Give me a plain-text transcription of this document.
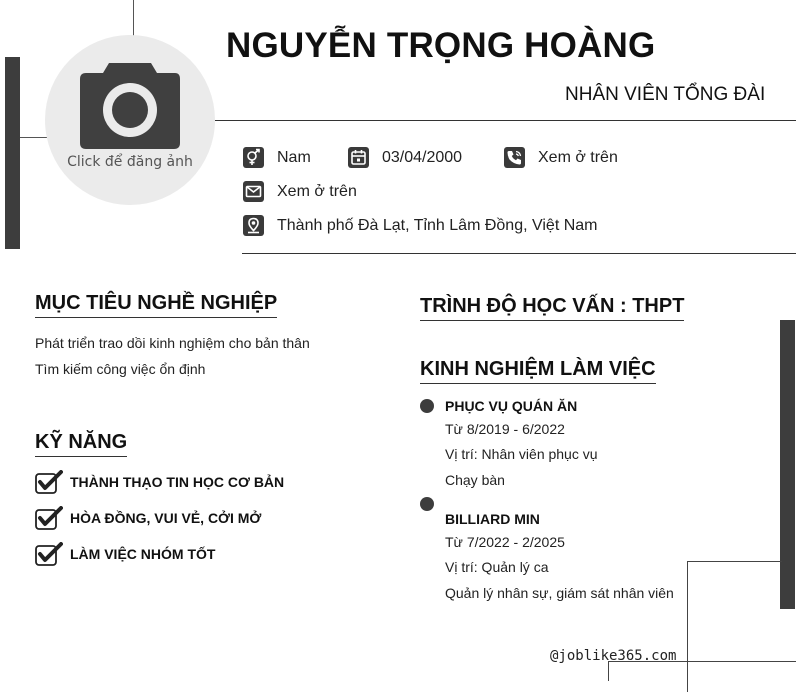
Click để đăng ảnh
NGUYỄN TRỌNG HOÀNG
NHÂN VIÊN TỔNG ĐÀI
Nam	03/04/2000	Xem ở trên
Xem ở trên
Thành phố Đà Lạt, Tỉnh Lâm Đồng, Việt Nam
MỤC TIÊU NGHỀ NGHIỆP
Phát triển trao dồi kinh nghiệm cho bản thân
Tìm kiếm công việc ổn định
KỸ NĂNG
THÀNH THẠO TIN HỌC CƠ BẢN
HÒA ĐỒNG, VUI VẺ, CỞI MỞ
LÀM VIỆC NHÓM TỐT
TRÌNH ĐỘ HỌC VẤN : THPT
KINH NGHIỆM LÀM VIỆC
PHỤC VỤ QUÁN ĂN
Từ 8/2019 - 6/2022
Vị trí: Nhân viên phục vụ
Chạy bàn
BILLIARD MIN
Từ 7/2022 - 2/2025
Vị trí: Quản lý ca
Quản lý nhân sự, giám sát nhân viên
@joblike365.com
